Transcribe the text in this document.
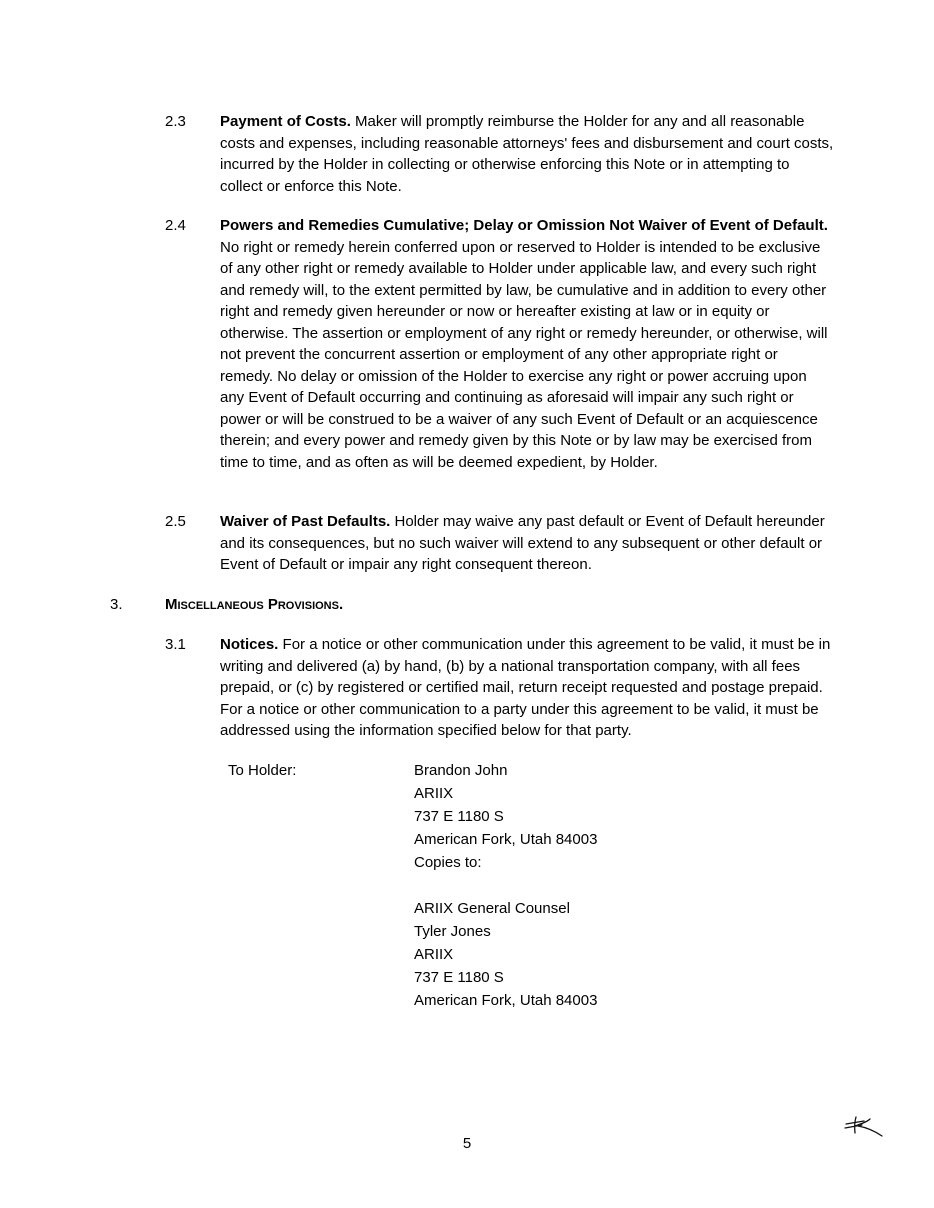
2.3	Payment of Costs. Maker will promptly reimburse the Holder for any and all reasonable costs and expenses, including reasonable attorneys' fees and disbursement and court costs, incurred by the Holder in collecting or otherwise enforcing this Note or in attempting to collect or enforce this Note.
2.4	Powers and Remedies Cumulative; Delay or Omission Not Waiver of Event of Default. No right or remedy herein conferred upon or reserved to Holder is intended to be exclusive of any other right or remedy available to Holder under applicable law, and every such right and remedy will, to the extent permitted by law, be cumulative and in addition to every other right and remedy given hereunder or now or hereafter existing at law or in equity or otherwise. The assertion or employment of any right or remedy hereunder, or otherwise, will not prevent the concurrent assertion or employment of any other appropriate right or remedy. No delay or omission of the Holder to exercise any right or power accruing upon any Event of Default occurring and continuing as aforesaid will impair any such right or power or will be construed to be a waiver of any such Event of Default or an acquiescence therein; and every power and remedy given by this Note or by law may be exercised from time to time, and as often as will be deemed expedient, by Holder.
2.5	Waiver of Past Defaults. Holder may waive any past default or Event of Default hereunder and its consequences, but no such waiver will extend to any subsequent or other default or Event of Default or impair any right consequent thereon.
3.	Miscellaneous Provisions.
3.1	Notices. For a notice or other communication under this agreement to be valid, it must be in writing and delivered (a) by hand, (b) by a national transportation company, with all fees prepaid, or (c) by registered or certified mail, return receipt requested and postage prepaid. For a notice or other communication to a party under this agreement to be valid, it must be addressed using the information specified below for that party.
To Holder:	Brandon John
ARIIX
737 E 1180 S
American Fork, Utah 84003
Copies to:
ARIIX General Counsel
Tyler Jones
ARIIX
737 E 1180 S
American Fork, Utah 84003
5
